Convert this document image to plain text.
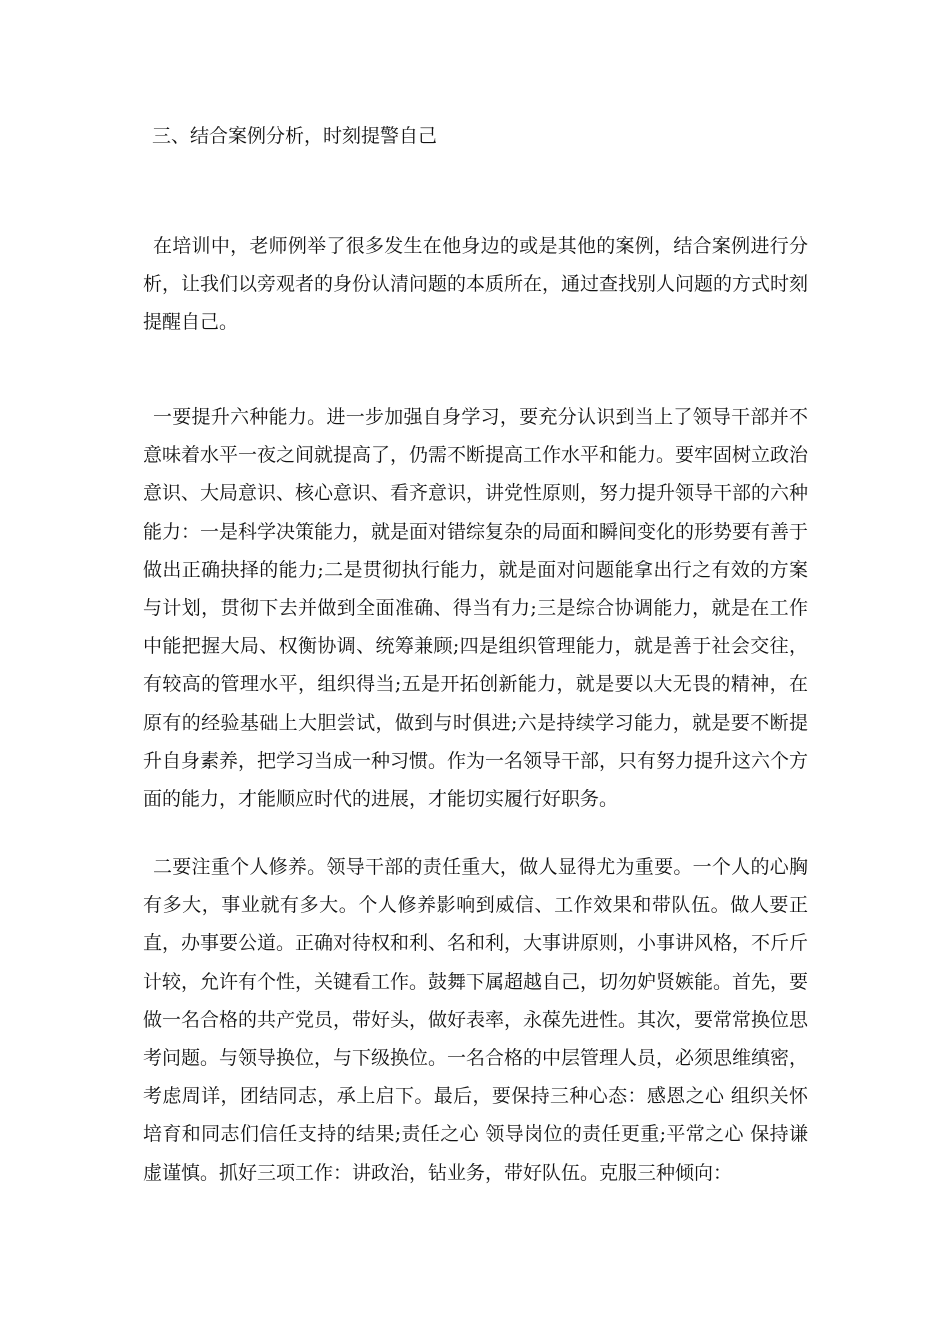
三、结合案例分析，时刻提警自己

在培训中，老师例举了很多发生在他身边的或是其他的案例，结合案例进行分析，让我们以旁观者的身份认清问题的本质所在，通过查找别人问题的方式时刻提醒自己。

一要提升六种能力。进一步加强自身学习，要充分认识到当上了领导干部并不意味着水平一夜之间就提高了，仍需不断提高工作水平和能力。要牢固树立政治意识、大局意识、核心意识、看齐意识，讲党性原则，努力提升领导干部的六种能力：一是科学决策能力，就是面对错综复杂的局面和瞬间变化的形势要有善于做出正确抉择的能力;二是贯彻执行能力，就是面对问题能拿出行之有效的方案与计划，贯彻下去并做到全面准确、得当有力;三是综合协调能力，就是在工作中能把握大局、权衡协调、统筹兼顾;四是组织管理能力，就是善于社会交往，有较高的管理水平，组织得当;五是开拓创新能力，就是要以大无畏的精神，在原有的经验基础上大胆尝试，做到与时俱进;六是持续学习能力，就是要不断提升自身素养，把学习当成一种习惯。作为一名领导干部，只有努力提升这六个方面的能力，才能顺应时代的进展，才能切实履行好职务。

二要注重个人修养。领导干部的责任重大，做人显得尤为重要。一个人的心胸有多大，事业就有多大。个人修养影响到威信、工作效果和带队伍。做人要正直，办事要公道。正确对待权和利、名和利，大事讲原则，小事讲风格，不斤斤计较，允许有个性，关键看工作。鼓舞下属超越自己，切勿妒贤嫉能。首先，要做一名合格的共产党员，带好头，做好表率，永葆先进性。其次，要常常换位思考问题。与领导换位，与下级换位。一名合格的中层管理人员，必须思维缜密，考虑周详，团结同志，承上启下。最后，要保持三种心态：感恩之心 组织关怀培育和同志们信任支持的结果;责任之心 领导岗位的责任更重;平常之心 保持谦虚谨慎。抓好三项工作：讲政治，钻业务，带好队伍。克服三种倾向：
